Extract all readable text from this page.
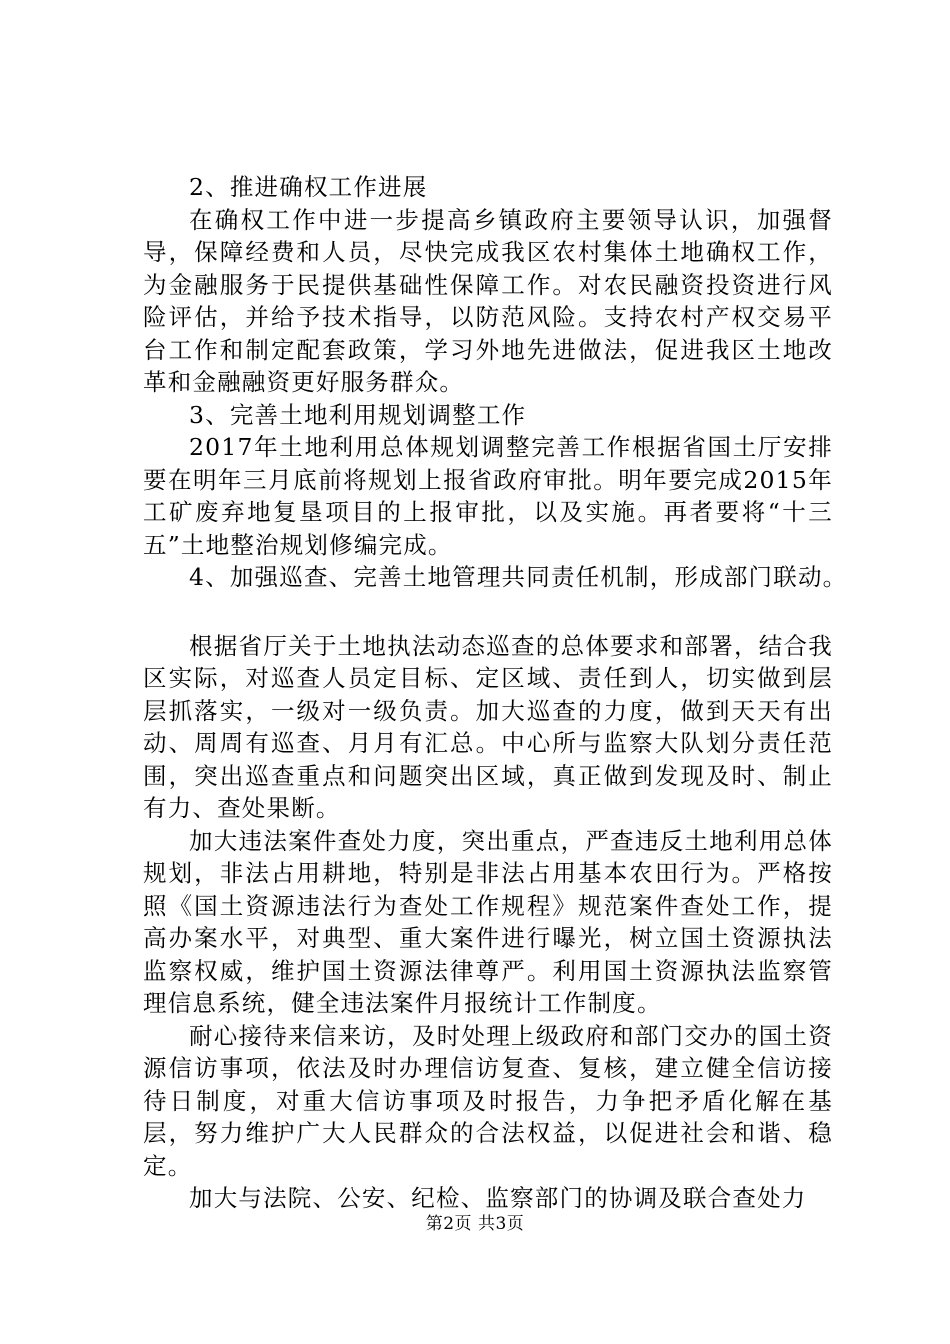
2、推进确权工作进展

在确权工作中进一步提高乡镇政府主要领导认识，加强督导，保障经费和人员，尽快完成我区农村集体土地确权工作，为金融服务于民提供基础性保障工作。对农民融资投资进行风险评估，并给予技术指导，以防范风险。支持农村产权交易平台工作和制定配套政策，学习外地先进做法，促进我区土地改革和金融融资更好服务群众。

3、完善土地利用规划调整工作

2017年土地利用总体规划调整完善工作根据省国土厅安排要在明年三月底前将规划上报省政府审批。明年要完成2015年工矿废弃地复垦项目的上报审批，以及实施。再者要将“十三五”土地整治规划修编完成。

4、加强巡查、完善土地管理共同责任机制，形成部门联动。

根据省厅关于土地执法动态巡查的总体要求和部署，结合我区实际，对巡查人员定目标、定区域、责任到人，切实做到层层抓落实，一级对一级负责。加大巡查的力度，做到天天有出动、周周有巡查、月月有汇总。中心所与监察大队划分责任范围，突出巡查重点和问题突出区域，真正做到发现及时、制止有力、查处果断。

加大违法案件查处力度，突出重点，严查违反土地利用总体规划，非法占用耕地，特别是非法占用基本农田行为。严格按照《国土资源违法行为查处工作规程》规范案件查处工作，提高办案水平，对典型、重大案件进行曝光，树立国土资源执法监察权威，维护国土资源法律尊严。利用国土资源执法监察管理信息系统，健全违法案件月报统计工作制度。

耐心接待来信来访，及时处理上级政府和部门交办的国土资源信访事项，依法及时办理信访复查、复核，建立健全信访接待日制度，对重大信访事项及时报告，力争把矛盾化解在基层，努力维护广大人民群众的合法权益，以促进社会和谐、稳定。

加大与法院、公安、纪检、监察部门的协调及联合查处力

第2页 共3页
